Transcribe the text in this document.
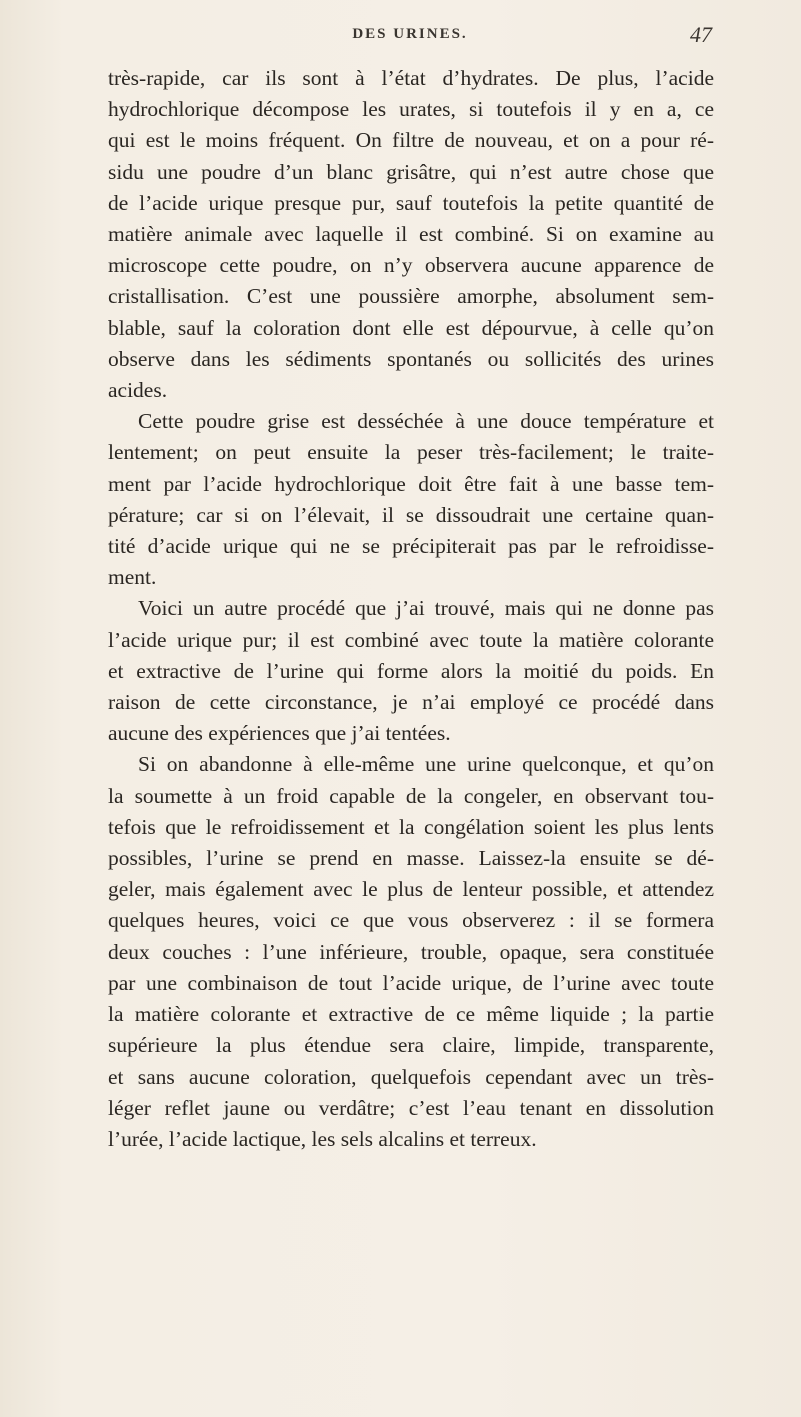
DES URINES.	47

très-rapide, car ils sont à l’état d’hydrates. De plus, l’acide

hydrochlorique décompose les urates, si toutefois il y en a, ce

qui est le moins fréquent. On filtre de nouveau, et on a pour ré-

sidu une poudre d’un blanc grisâtre, qui n’est autre chose que

de l’acide urique presque pur, sauf toutefois la petite quantité de

matière animale avec laquelle il est combiné. Si on examine au

microscope cette poudre, on n’y observera aucune apparence de

cristallisation. C’est une poussière amorphe, absolument sem-

blable, sauf la coloration dont elle est dépourvue, à celle qu’on

observe dans les sédiments spontanés ou sollicités des urines

acides.

Cette poudre grise est desséchée à une douce température et

lentement; on peut ensuite la peser très-facilement; le traite-

ment par l’acide hydrochlorique doit être fait à une basse tem-

pérature; car si on l’élevait, il se dissoudrait une certaine quan-

tité d’acide urique qui ne se précipiterait pas par le refroidisse-

ment.

Voici un autre procédé que j’ai trouvé, mais qui ne donne pas

l’acide urique pur; il est combiné avec toute la matière colorante

et extractive de l’urine qui forme alors la moitié du poids. En

raison de cette circonstance, je n’ai employé ce procédé dans

aucune des expériences que j’ai tentées.

Si on abandonne à elle-même une urine quelconque, et qu’on

la soumette à un froid capable de la congeler, en observant tou-

tefois que le refroidissement et la congélation soient les plus lents

possibles, l’urine se prend en masse. Laissez-la ensuite se dé-

geler, mais également avec le plus de lenteur possible, et attendez

quelques heures, voici ce que vous observerez : il se formera

deux couches : l’une inférieure, trouble, opaque, sera constituée

par une combinaison de tout l’acide urique, de l’urine avec toute

la matière colorante et extractive de ce même liquide ; la partie

supérieure la plus étendue sera claire, limpide, transparente,

et sans aucune coloration, quelquefois cependant avec un très-

léger reflet jaune ou verdâtre; c’est l’eau tenant en dissolution

l’urée, l’acide lactique, les sels alcalins et terreux.
